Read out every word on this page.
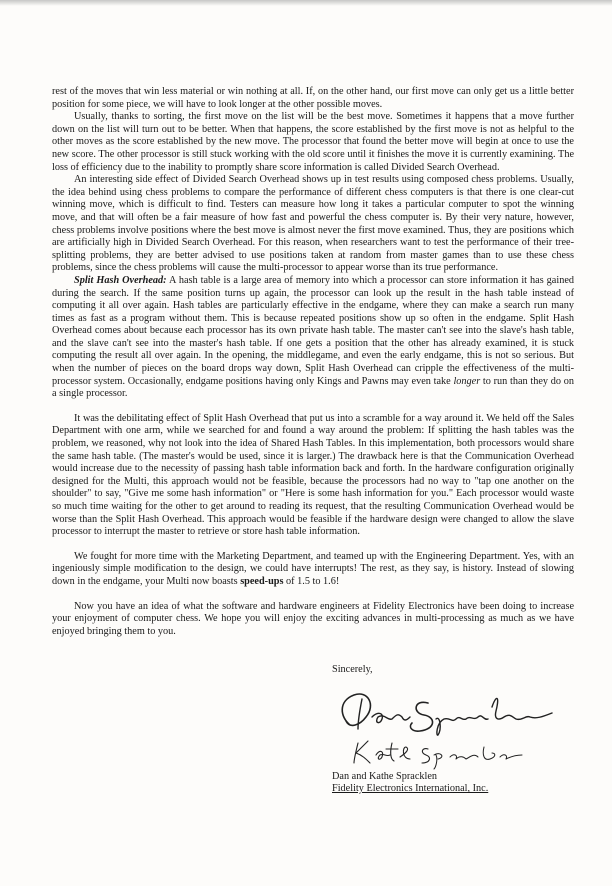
rest of the moves that win less material or win nothing at all. If, on the other hand, our first move can only get us a little better position for some piece, we will have to look longer at the other possible moves.

Usually, thanks to sorting, the first move on the list will be the best move. Sometimes it happens that a move further down on the list will turn out to be better. When that happens, the score established by the first move is not as helpful to the other moves as the score established by the new move. The processor that found the better move will begin at once to use the new score. The other processor is still stuck working with the old score until it finishes the move it is currently examining. The loss of efficiency due to the inability to promptly share score information is called Divided Search Overhead.

An interesting side effect of Divided Search Overhead shows up in test results using composed chess problems. Usually, the idea behind using chess problems to compare the performance of different chess computers is that there is one clear-cut winning move, which is difficult to find. Testers can measure how long it takes a particular computer to spot the winning move, and that will often be a fair measure of how fast and powerful the chess computer is. By their very nature, however, chess problems involve positions where the best move is almost never the first move examined. Thus, they are positions which are artificially high in Divided Search Overhead. For this reason, when researchers want to test the performance of their tree-splitting problems, they are better advised to use positions taken at random from master games than to use these chess problems, since the chess problems will cause the multi-processor to appear worse than its true performance.

Split Hash Overhead: A hash table is a large area of memory into which a processor can store information it has gained during the search. If the same position turns up again, the processor can look up the result in the hash table instead of computing it all over again. Hash tables are particularly effective in the endgame, where they can make a search run many times as fast as a program without them. This is because repeated positions show up so often in the endgame. Split Hash Overhead comes about because each processor has its own private hash table. The master can't see into the slave's hash table, and the slave can't see into the master's hash table. If one gets a position that the other has already examined, it is stuck computing the result all over again. In the opening, the middlegame, and even the early endgame, this is not so serious. But when the number of pieces on the board drops way down, Split Hash Overhead can cripple the effectiveness of the multi-processor system. Occasionally, endgame positions having only Kings and Pawns may even take longer to run than they do on a single processor.

It was the debilitating effect of Split Hash Overhead that put us into a scramble for a way around it. We held off the Sales Department with one arm, while we searched for and found a way around the problem: If splitting the hash tables was the problem, we reasoned, why not look into the idea of Shared Hash Tables. In this implementation, both processors would share the same hash table. (The master's would be used, since it is larger.) The drawback here is that the Communication Overhead would increase due to the necessity of passing hash table information back and forth. In the hardware configuration originally designed for the Multi, this approach would not be feasible, because the processors had no way to "tap one another on the shoulder" to say, "Give me some hash information" or "Here is some hash information for you." Each processor would waste so much time waiting for the other to get around to reading its request, that the resulting Communication Overhead would be worse than the Split Hash Overhead. This approach would be feasible if the hardware design were changed to allow the slave processor to interrupt the master to retrieve or store hash table information.

We fought for more time with the Marketing Department, and teamed up with the Engineering Department. Yes, with an ingeniously simple modification to the design, we could have interrupts! The rest, as they say, is history. Instead of slowing down in the endgame, your Multi now boasts speed-ups of 1.5 to 1.6!

Now you have an idea of what the software and hardware engineers at Fidelity Electronics have been doing to increase your enjoyment of computer chess. We hope you will enjoy the exciting advances in multi-processing as much as we have enjoyed bringing them to you.

Sincerely,
Dan and Kathe Spracklen
Fidelity Electronics International, Inc.
